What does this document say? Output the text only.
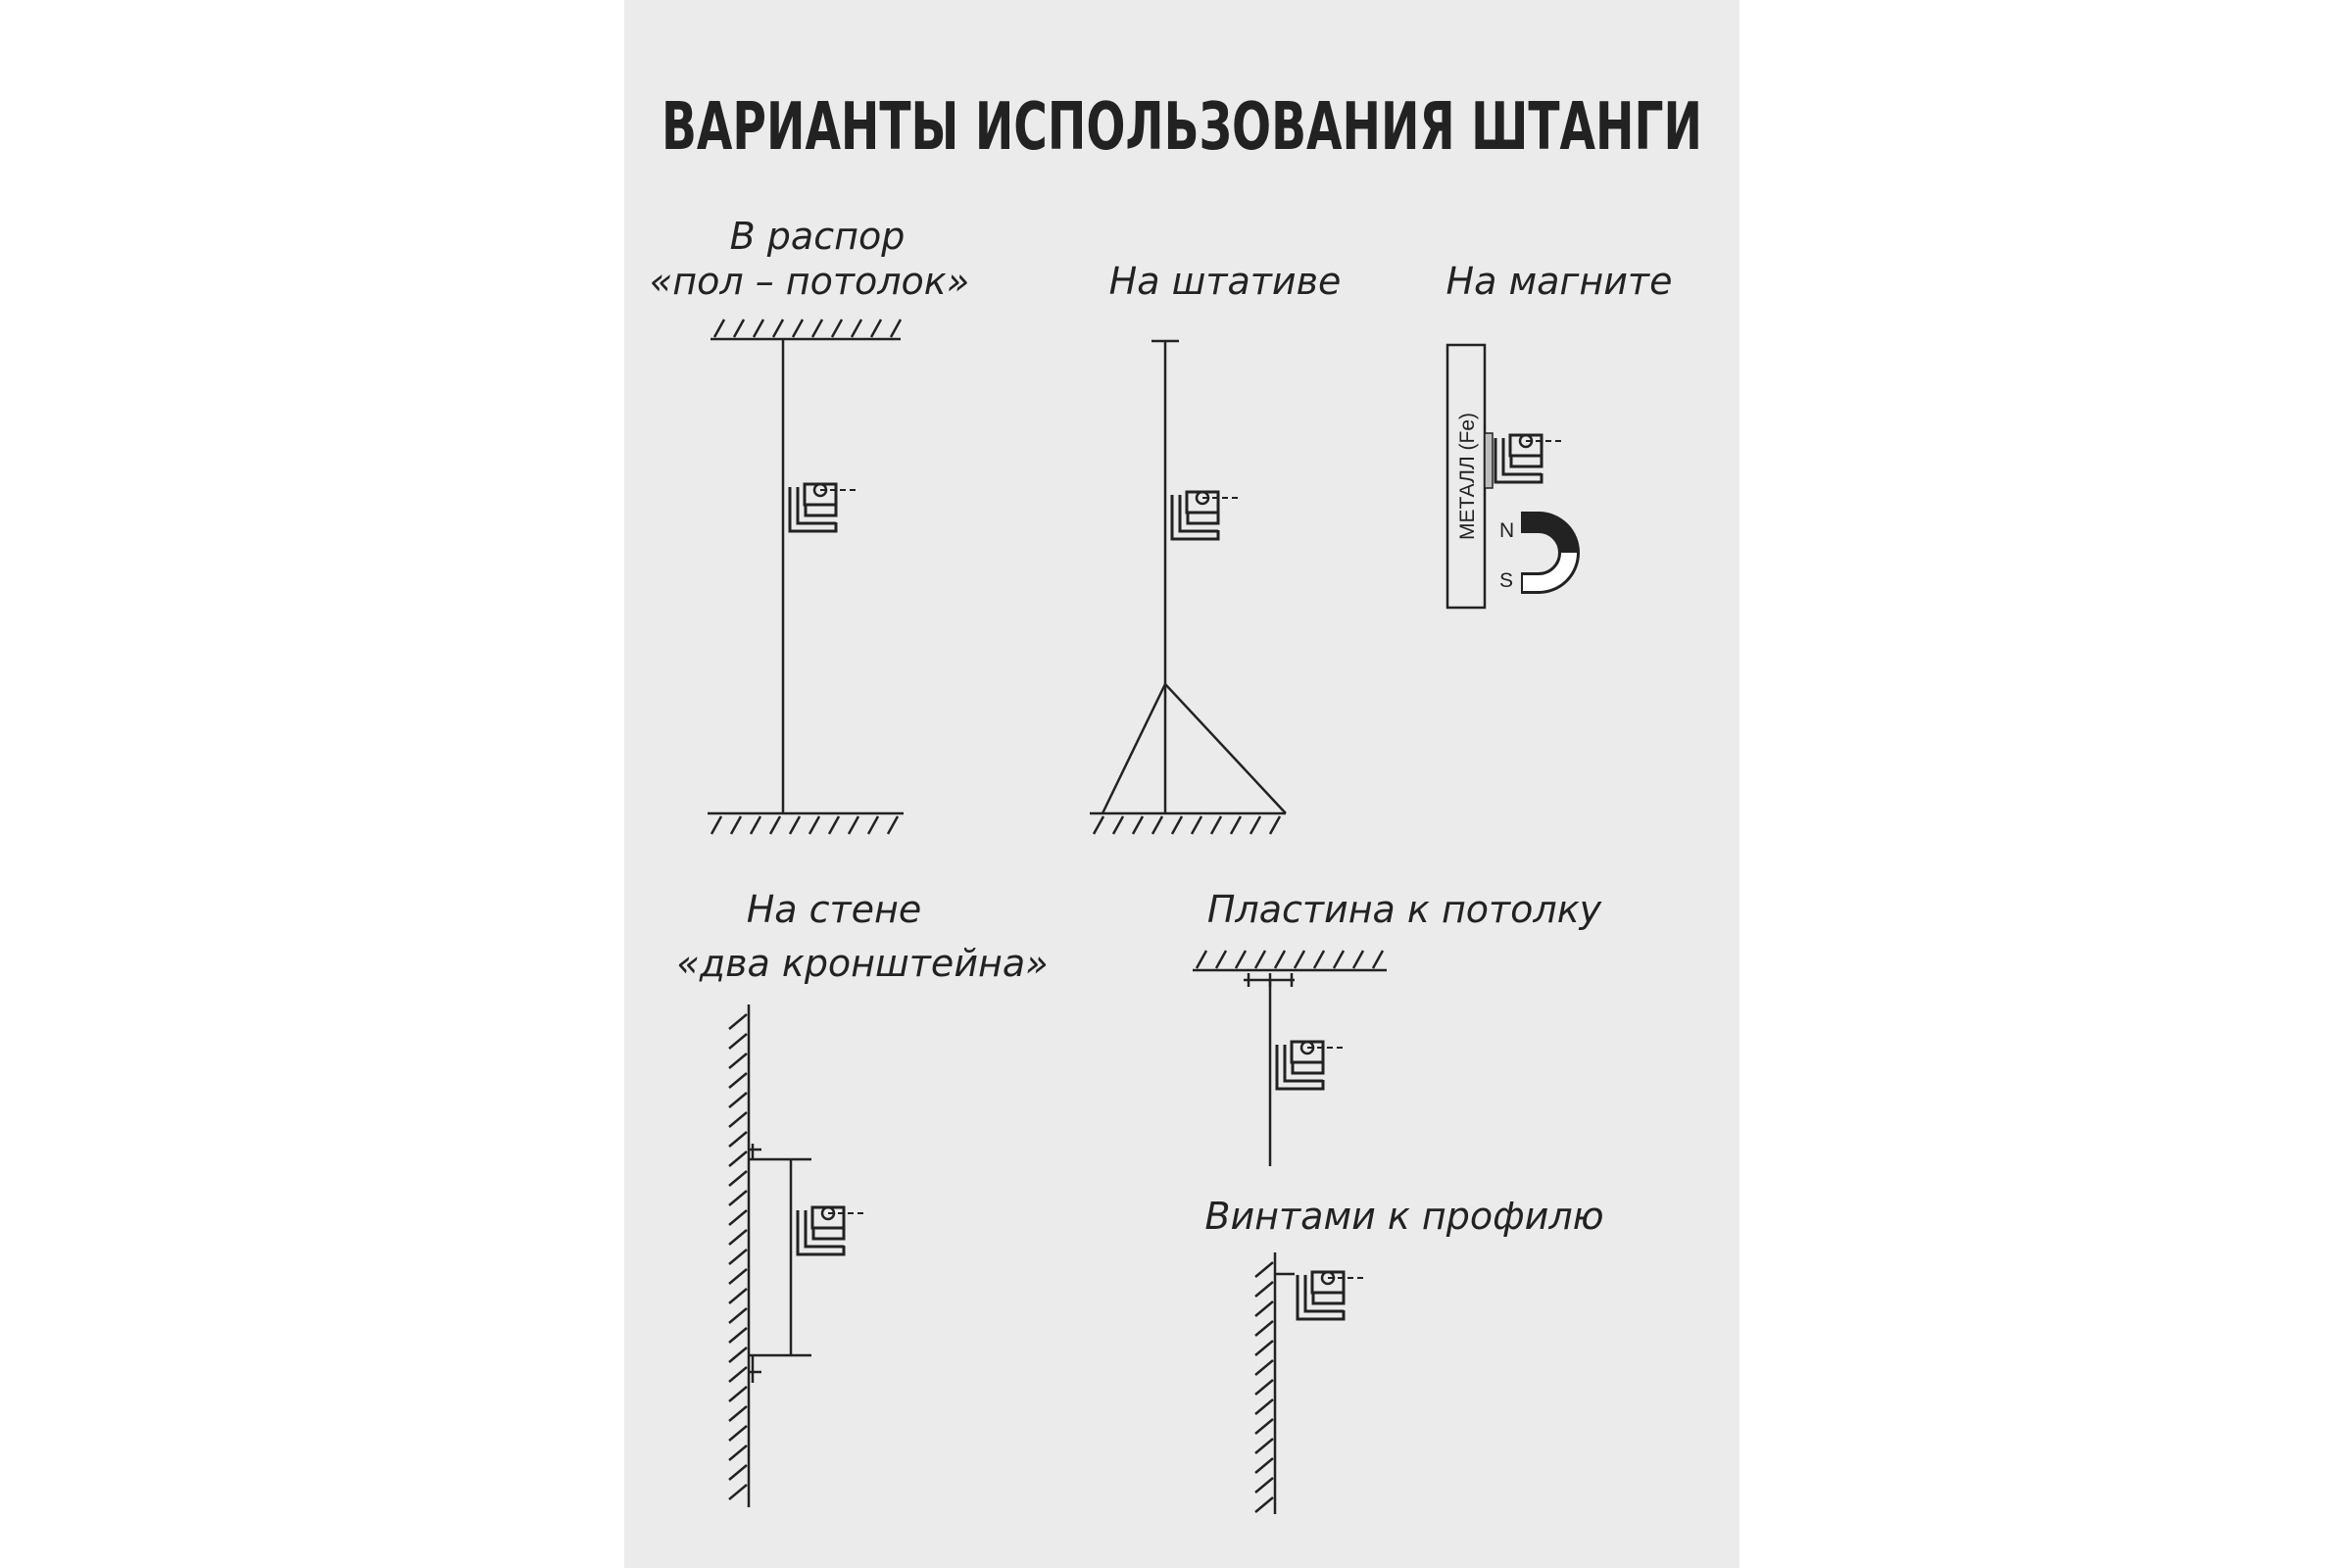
ВАРИАНТЫ ИСПОЛЬЗОВАНИЯ ШТАНГИ
В распор
«пол – потолок»	На штативе	На магните
МЕТАЛЛ (Fe) N
S
На стене
«два кронштейна»
Пластина к потолку
Винтами к профилю
